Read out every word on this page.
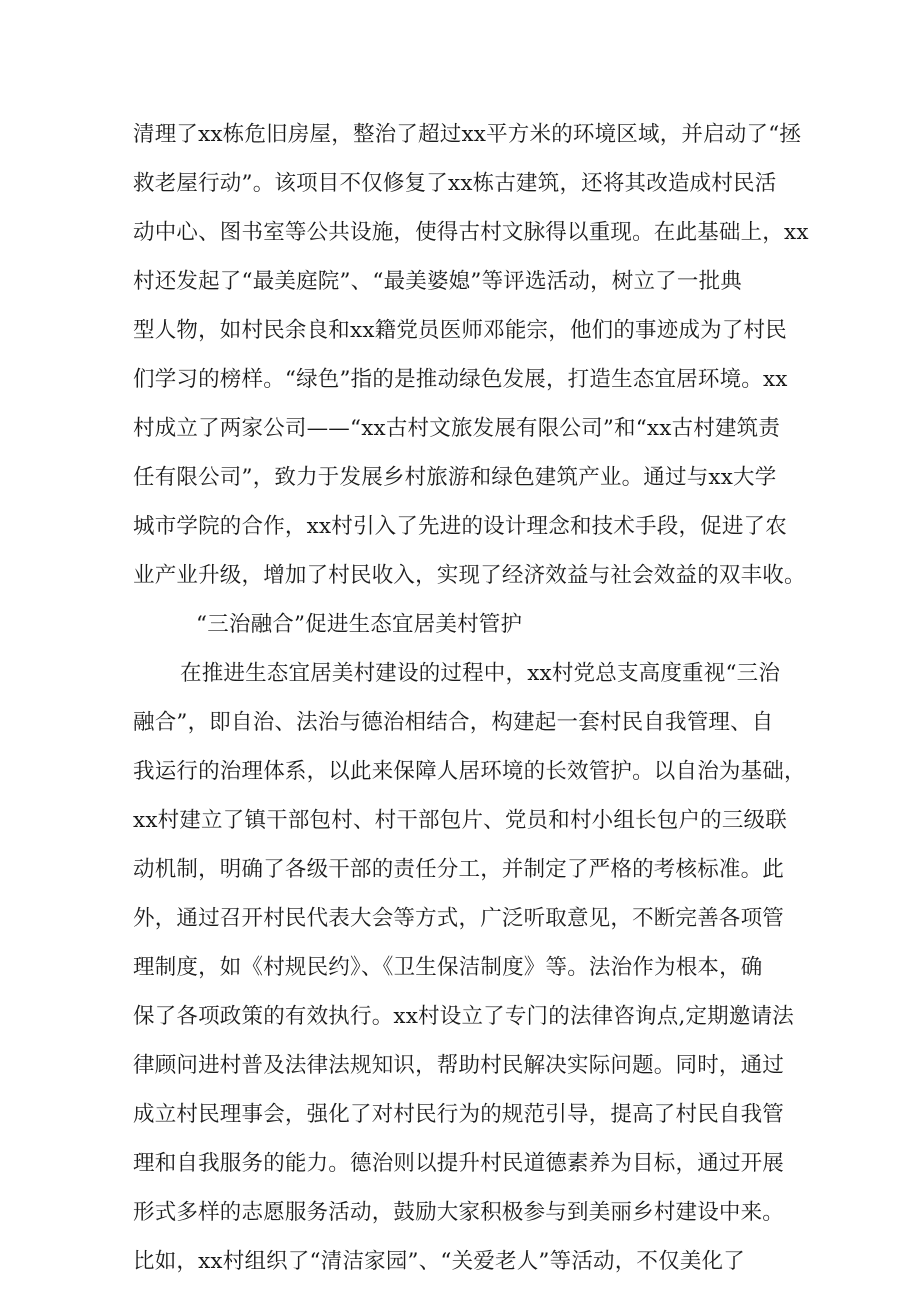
清理了xx栋危旧房屋，整治了超过xx平方米的环境区域，并启动了“拯
救老屋行动”。该项目不仅修复了xx栋古建筑，还将其改造成村民活
动中心、图书室等公共设施，使得古村文脉得以重现。在此基础上，xx
村还发起了“最美庭院”、“最美婆媳”等评选活动，树立了一批典
型人物，如村民余良和xx籍党员医师邓能宗，他们的事迹成为了村民
们学习的榜样。“绿色”指的是推动绿色发展，打造生态宜居环境。xx
村成立了两家公司——“xx古村文旅发展有限公司”和“xx古村建筑责
任有限公司”，致力于发展乡村旅游和绿色建筑产业。通过与xx大学
城市学院的合作，xx村引入了先进的设计理念和技术手段，促进了农
业产业升级，增加了村民收入，实现了经济效益与社会效益的双丰收。
“三治融合”促进生态宜居美村管护
在推进生态宜居美村建设的过程中，xx村党总支高度重视“三治
融合”，即自治、法治与德治相结合，构建起一套村民自我管理、自
我运行的治理体系，以此来保障人居环境的长效管护。以自治为基础，
xx村建立了镇干部包村、村干部包片、党员和村小组长包户的三级联
动机制，明确了各级干部的责任分工，并制定了严格的考核标准。此
外，通过召开村民代表大会等方式，广泛听取意见，不断完善各项管
理制度，如《村规民约》、《卫生保洁制度》等。法治作为根本，确
保了各项政策的有效执行。xx村设立了专门的法律咨询点,定期邀请法
律顾问进村普及法律法规知识，帮助村民解决实际问题。同时，通过
成立村民理事会，强化了对村民行为的规范引导，提高了村民自我管
理和自我服务的能力。德治则以提升村民道德素养为目标，通过开展
形式多样的志愿服务活动，鼓励大家积极参与到美丽乡村建设中来。
比如，xx村组织了“清洁家园”、“关爱老人”等活动，不仅美化了
